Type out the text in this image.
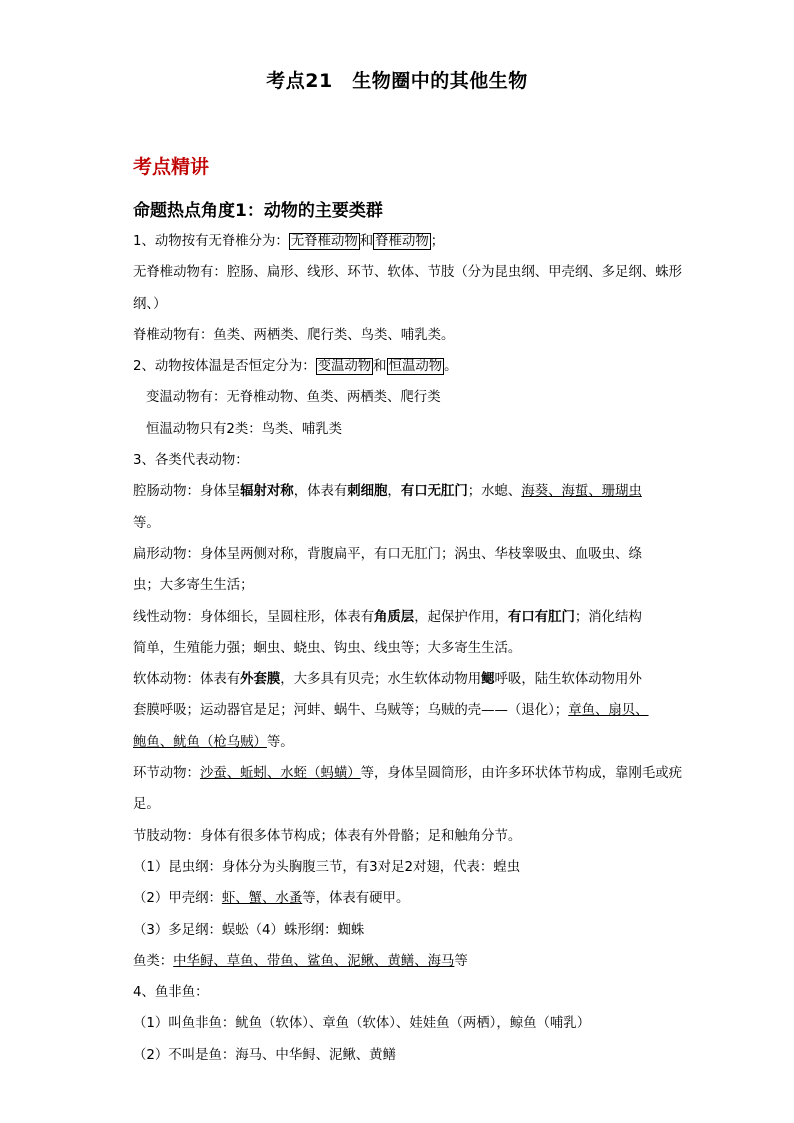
考点21　生物圈中的其他生物
考点精讲
命题热点角度1：动物的主要类群
1、动物按有无脊椎分为： 无脊椎动物 和 脊椎动物 ；
无脊椎动物有：腔肠、扁形、线形、环节、软体、节肢（分为昆虫纲、甲壳纲、多足纲、蛛形
纲、）
脊椎动物有：鱼类、两栖类、爬行类、鸟类、哺乳类。
2、动物按体温是否恒定分为： 变温动物 和 恒温动物 。
变温动物有：无脊椎动物、鱼类、两栖类、爬行类
恒温动物只有2类：鸟类、哺乳类
3、各类代表动物：
腔肠动物：身体呈辐射对称，体表有刺细胞，有口无肛门；水螅、海葵、海蜇、珊瑚虫
等。
扁形动物：身体呈两侧对称，背腹扁平，有口无肛门；涡虫、华枝睾吸虫、血吸虫、绦
虫；大多寄生生活；
线性动物：身体细长，呈圆柱形，体表有角质层，起保护作用，有口有肛门；消化结构
简单，生殖能力强；蛔虫、蛲虫、钩虫、线虫等；大多寄生生活。
软体动物：体表有外套膜，大多具有贝壳；水生软体动物用鳃呼吸，陆生软体动物用外
套膜呼吸；运动器官是足；河蚌、蜗牛、乌贼等；乌贼的壳——（退化）；章鱼、扇贝、
鲍鱼、鱿鱼（枪乌贼）等。
环节动物：沙蚕、蚯蚓、水蛭（蚂蟥）等，身体呈圆筒形，由许多环状体节构成，靠刚毛或疣
足。
节肢动物：身体有很多体节构成；体表有外骨骼；足和触角分节。
（1）昆虫纲：身体分为头胸腹三节，有3对足2对翅，代表：蝗虫
（2）甲壳纲：虾、蟹、水蚤等，体表有硬甲。
（3）多足纲：蜈蚣（4）蛛形纲：蜘蛛
鱼类：中华鲟、草鱼、带鱼、鲨鱼、泥鳅、黄鳝、海马等
4、鱼非鱼：
（1）叫鱼非鱼：鱿鱼（软体）、章鱼（软体）、娃娃鱼（两栖），鲸鱼（哺乳）
（2）不叫是鱼：海马、中华鲟、泥鳅、黄鳝
